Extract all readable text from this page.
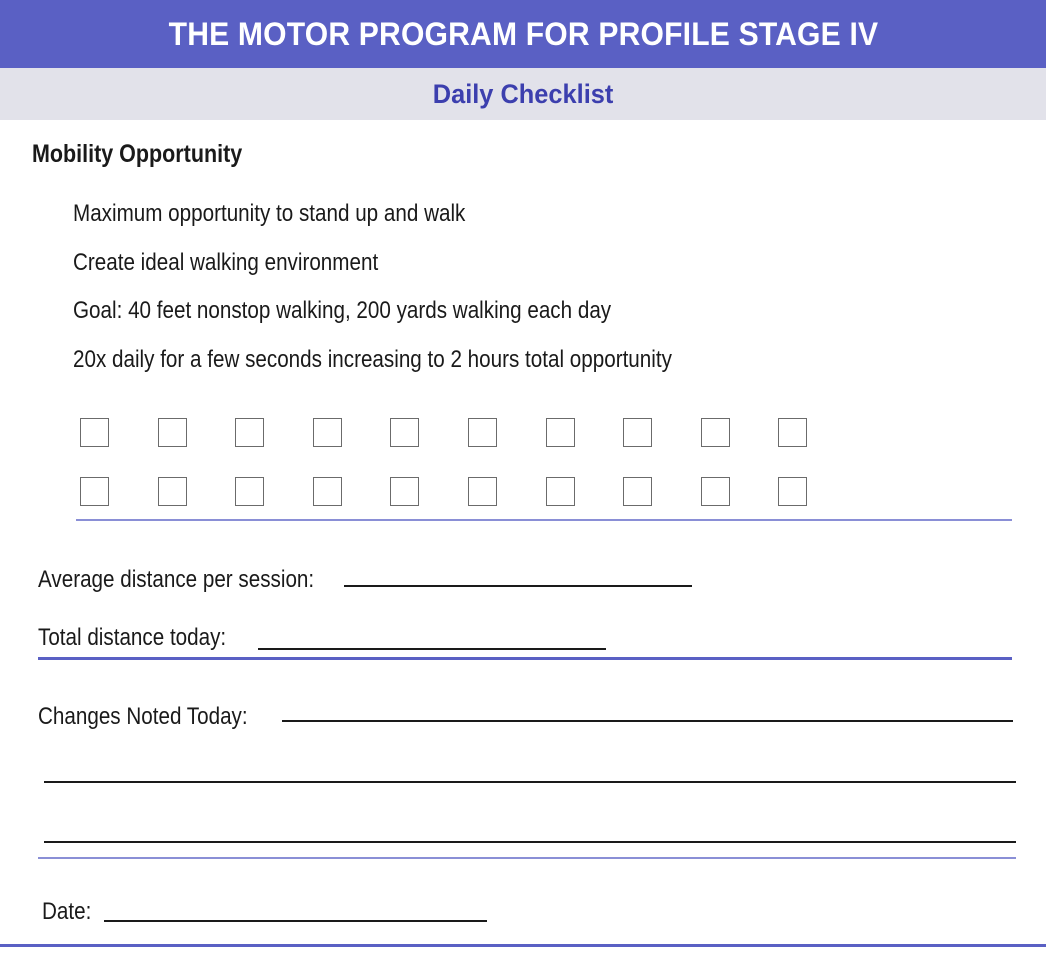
THE MOTOR PROGRAM FOR PROFILE STAGE IV
Daily Checklist
Mobility Opportunity
Maximum opportunity to stand up and walk
Create ideal walking environment
Goal: 40 feet nonstop walking, 200 yards walking each day
20x daily for a few seconds increasing to 2 hours total opportunity
Average distance per session:
Total distance today:
Changes Noted Today:
Date:
